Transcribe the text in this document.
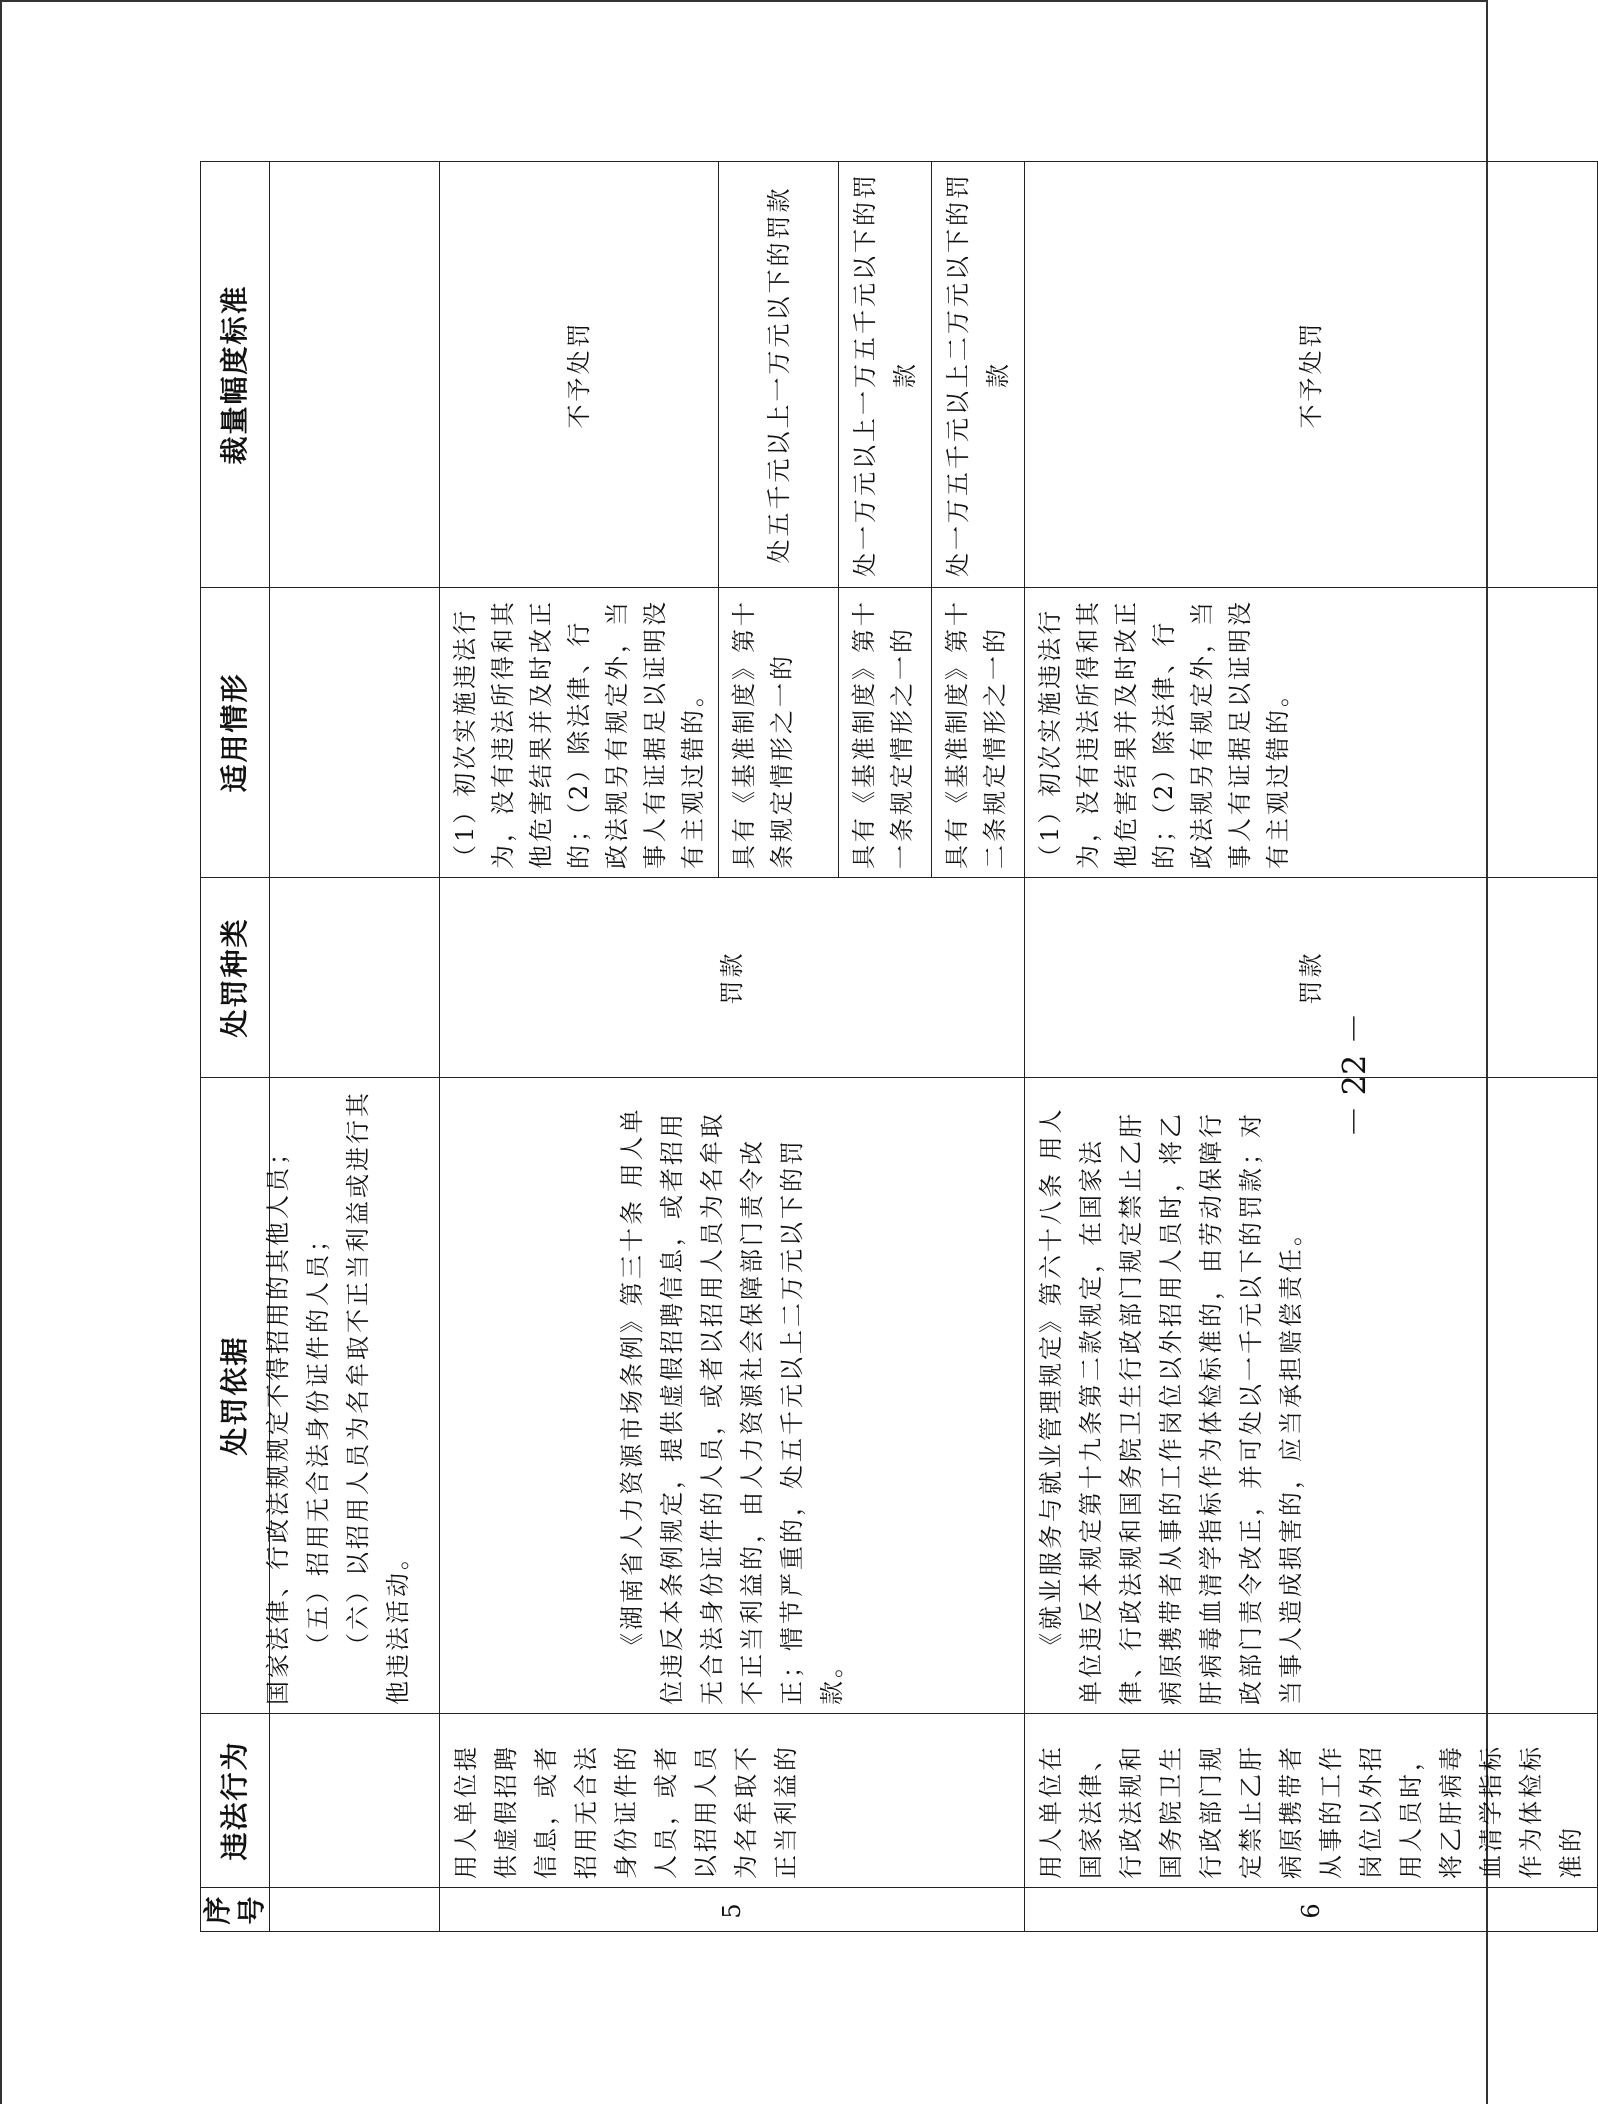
序号	违法行为	处罚依据	处罚种类	适用情形	裁量幅度标准

		国家法律、行政法规规定不得招用的其他人员； （五）招用无合法身份证件的人员； （六）以招用人员为名牟取不正当利益或进行其他违法活动。			

5	用人单位提供虚假招聘信息，或者招用无合法身份证件的人员，或者以招用人员为名牟取不正当利益的	《湖南省人力资源市场条例》第三十条 用人单位违反本条例规定，提供虚假招聘信息，或者招用无合法身份证件的人员，或者以招用人员为名牟取不正当利益的，由人力资源社会保障部门责令改正；情节严重的，处五千元以上二万元以下的罚款。	罚款	（1）初次实施违法行为，没有违法所得和其他危害结果并及时改正的；（2）除法律、行政法规另有规定外，当事人有证据足以证明没有主观过错的。	不予处罚
				具有《基准制度》第十条规定情形之一的	处五千元以上一万元以下的罚款
				具有《基准制度》第十一条规定情形之一的	处一万元以上一万五千元以下的罚款
				具有《基准制度》第十二条规定情形之一的	处一万五千元以上二万元以下的罚款
6	用人单位在国家法律、行政法规和国务院卫生行政部门规定禁止乙肝病原携带者从事的工作岗位以外招用人员时，将乙肝病毒血清学指标作为体检标准的	《就业服务与就业管理规定》第六十八条 用人单位违反本规定第十九条第二款规定，在国家法律、行政法规和国务院卫生行政部门规定禁止乙肝病原携带者从事的工作岗位以外招用人员时，将乙肝病毒血清学指标作为体检标准的，由劳动保障行政部门责令改正，并可处以一千元以下的罚款；对当事人造成损害的，应当承担赔偿责任。	罚款	（1）初次实施违法行为，没有违法所得和其他危害结果并及时改正的；（2）除法律、行政法规另有规定外，当事人有证据足以证明没有主观过错的。	不予处罚
－ 22 －
